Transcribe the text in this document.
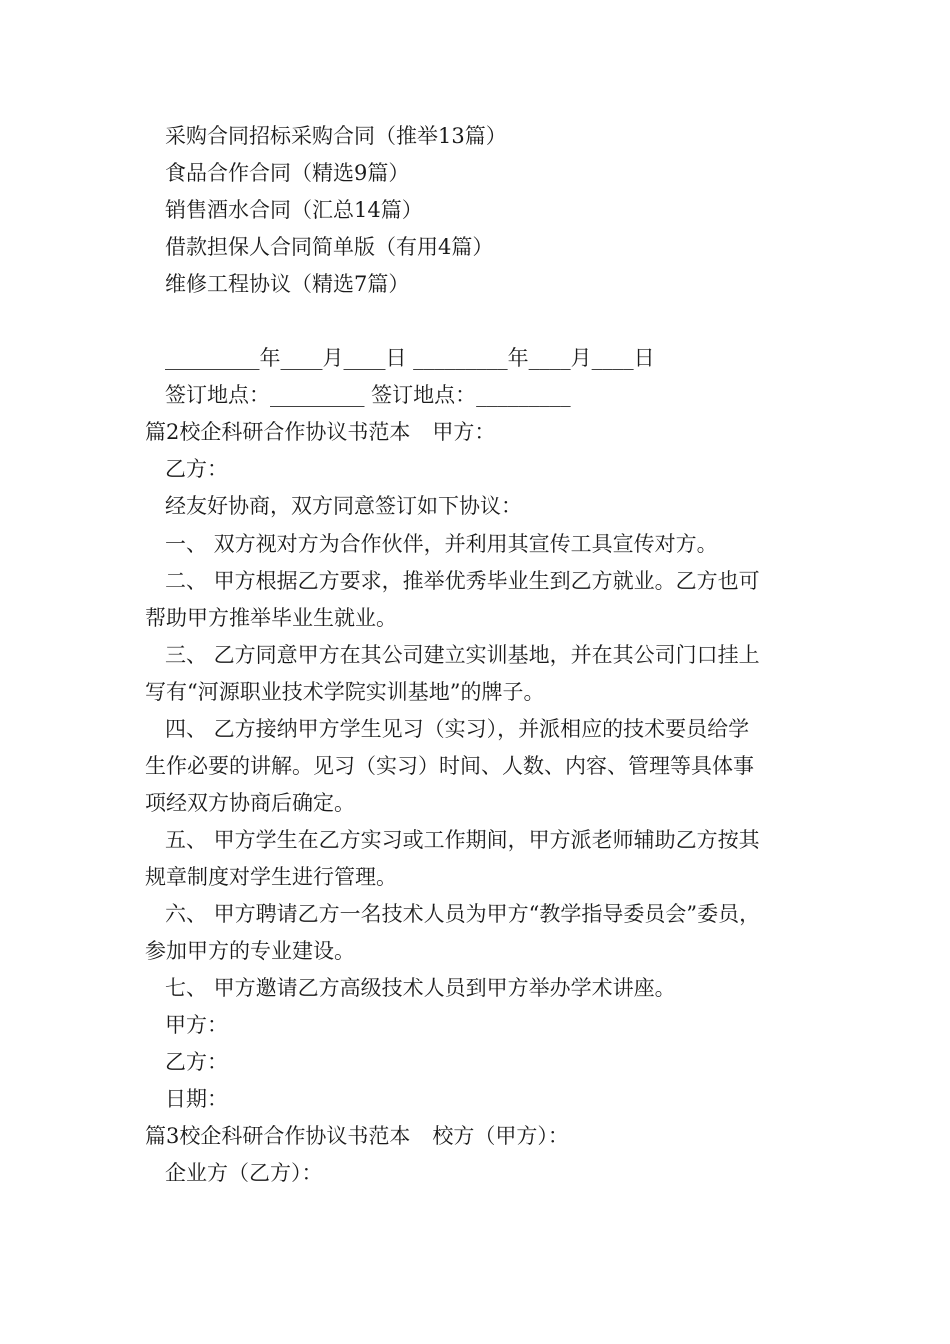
采购合同招标采购合同（推举13篇）
食品合作合同（精选9篇）
销售酒水合同（汇总14篇）
借款担保人合同简单版（有用4篇）
维修工程协议（精选7篇）
_________年____月____日 _________年____月____日
签订地点：_________ 签订地点：_________
篇2校企科研合作协议书范本 甲方：
乙方：
经友好协商，双方同意签订如下协议：
一、 双方视对方为合作伙伴，并利用其宣传工具宣传对方。
二、 甲方根据乙方要求，推举优秀毕业生到乙方就业。乙方也可
帮助甲方推举毕业生就业。
三、 乙方同意甲方在其公司建立实训基地，并在其公司门口挂上
写有“河源职业技术学院实训基地”的牌子。
四、 乙方接纳甲方学生见习（实习），并派相应的技术要员给学
生作必要的讲解。见习（实习）时间、人数、内容、管理等具体事
项经双方协商后确定。
五、 甲方学生在乙方实习或工作期间，甲方派老师辅助乙方按其
规章制度对学生进行管理。
六、 甲方聘请乙方一名技术人员为甲方“教学指导委员会”委员，
参加甲方的专业建设。
七、 甲方邀请乙方高级技术人员到甲方举办学术讲座。
甲方：
乙方：
日期：
篇3校企科研合作协议书范本 校方（甲方）：
企业方（乙方）：
